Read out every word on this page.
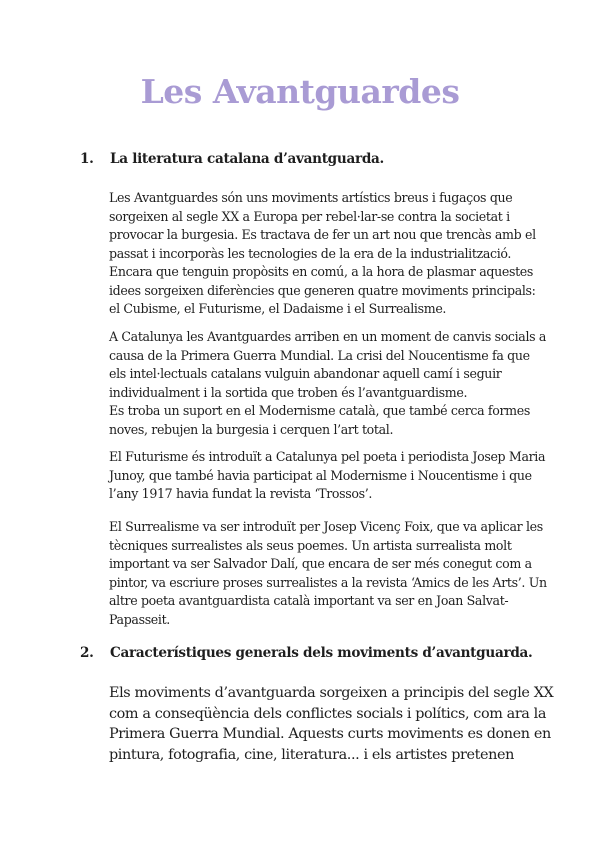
Les Avantguardes
1. La literatura catalana d’avantguarda.

Les Avantguardes són uns moviments artístics breus i fugaços que sorgeixen al segle XX a Europa per rebel·lar-se contra la societat i provocar la burgesia. Es tractava de fer un art nou que trencàs amb el passat i incorporàs les tecnologies de la era de la industrialització. Encara que tenguin propòsits en comú, a la hora de plasmar aquestes idees sorgeixen diferències que generen quatre moviments principals: el Cubisme, el Futurisme, el Dadaisme i el Surrealisme.

A Catalunya les Avantguardes arriben en un moment de canvis socials a causa de la Primera Guerra Mundial. La crisi del Noucentisme fa que els intel·lectuals catalans vulguin abandonar aquell camí i seguir individualment i la sortida que troben és l’avantguardisme.

Es troba un suport en el Modernisme català, que també cerca formes noves, rebujen la burgesia i cerquen l’art total.

El Futurisme és introduït a Catalunya pel poeta i periodista Josep Maria Junoy, que també havia participat al Modernisme i Noucentisme i que l’any 1917 havia fundat la revista ‘Trossos’.

El Surrealisme va ser introduït per Josep Vicenç Foix, que va aplicar les tècniques surrealistes als seus poemes. Un artista surrealista molt important va ser Salvador Dalí, que encara de ser més conegut com a pintor, va escriure proses surrealistes a la revista ‘Amics de les Arts’. Un altre poeta avantguardista català important va ser en Joan Salvat-Papasseit.

2. Característiques generals dels moviments d’avantguarda.

Els moviments d’avantguarda sorgeixen a principis del segle XX com a conseqüència dels conflictes socials i polítics, com ara la Primera Guerra Mundial. Aquests curts moviments es donen en pintura, fotografia, cine, literatura... i els artistes pretenen
